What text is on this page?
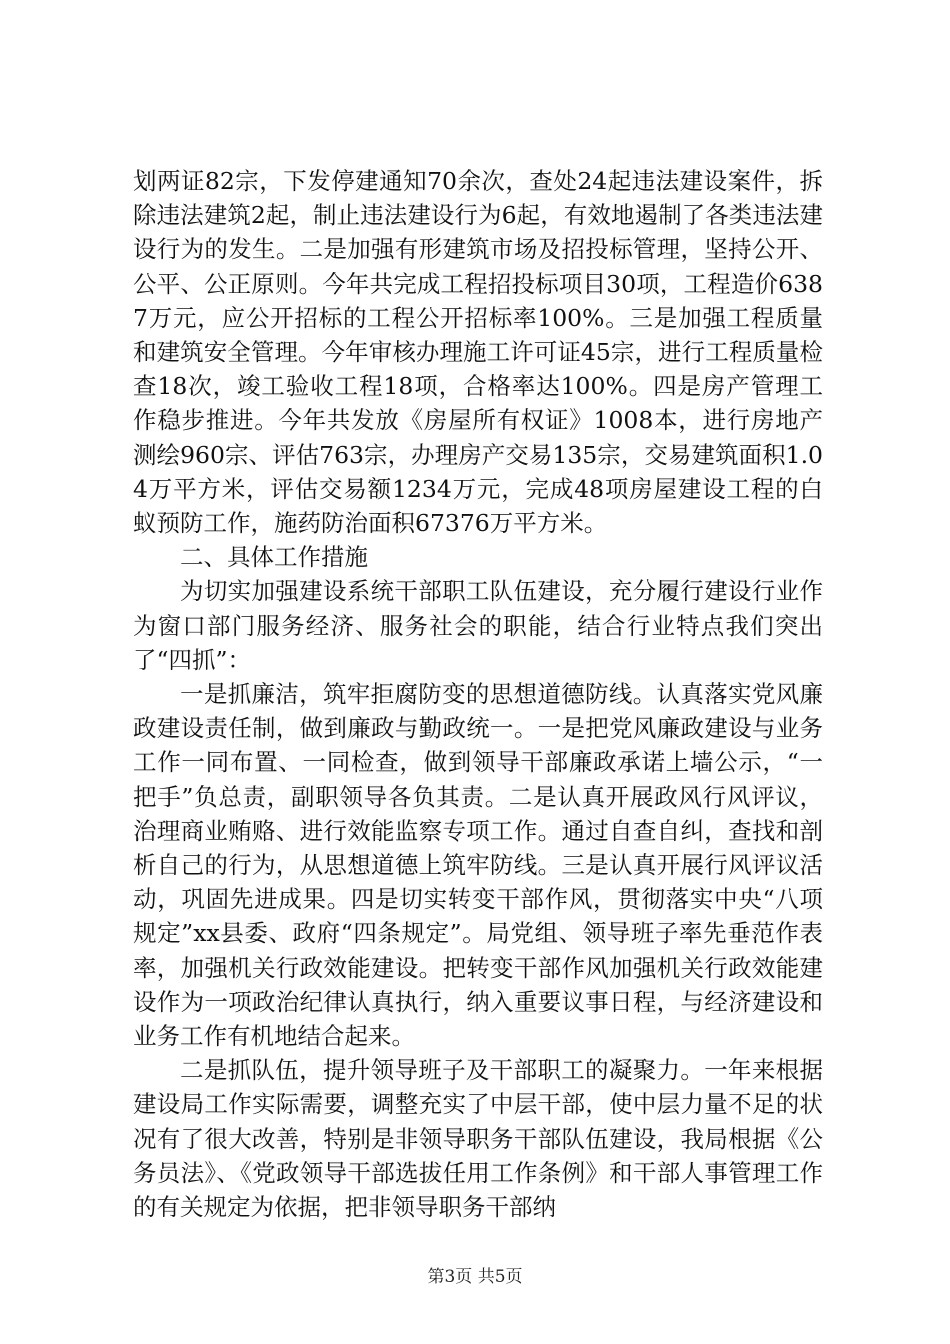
划两证82宗，下发停建通知70余次，查处24起违法建设案件，拆除违法建筑2起，制止违法建设行为6起，有效地遏制了各类违法建设行为的发生。二是加强有形建筑市场及招投标管理，坚持公开、公平、公正原则。今年共完成工程招投标项目30项，工程造价6387万元，应公开招标的工程公开招标率100%。三是加强工程质量和建筑安全管理。今年审核办理施工许可证45宗，进行工程质量检查18次，竣工验收工程18项，合格率达100%。四是房产管理工作稳步推进。今年共发放《房屋所有权证》1008本，进行房地产测绘960宗、评估763宗，办理房产交易135宗，交易建筑面积1.04万平方米，评估交易额1234万元，完成48项房屋建设工程的白蚁预防工作，施药防治面积67376万平方米。

二、具体工作措施

为切实加强建设系统干部职工队伍建设，充分履行建设行业作为窗口部门服务经济、服务社会的职能，结合行业特点我们突出了“四抓”：

一是抓廉洁，筑牢拒腐防变的思想道德防线。认真落实党风廉政建设责任制，做到廉政与勤政统一。一是把党风廉政建设与业务工作一同布置、一同检查，做到领导干部廉政承诺上墙公示，“一把手”负总责，副职领导各负其责。二是认真开展政风行风评议，治理商业贿赂、进行效能监察专项工作。通过自查自纠，查找和剖析自己的行为，从思想道德上筑牢防线。三是认真开展行风评议活动，巩固先进成果。四是切实转变干部作风，贯彻落实中央“八项规定”xx县委、政府“四条规定”。局党组、领导班子率先垂范作表率，加强机关行政效能建设。把转变干部作风加强机关行政效能建设作为一项政治纪律认真执行，纳入重要议事日程，与经济建设和业务工作有机地结合起来。

二是抓队伍，提升领导班子及干部职工的凝聚力。一年来根据建设局工作实际需要，调整充实了中层干部，使中层力量不足的状况有了很大改善，特别是非领导职务干部队伍建设，我局根据《公务员法》、《党政领导干部选拔任用工作条例》和干部人事管理工作的有关规定为依据，把非领导职务干部纳

第3页 共5页
